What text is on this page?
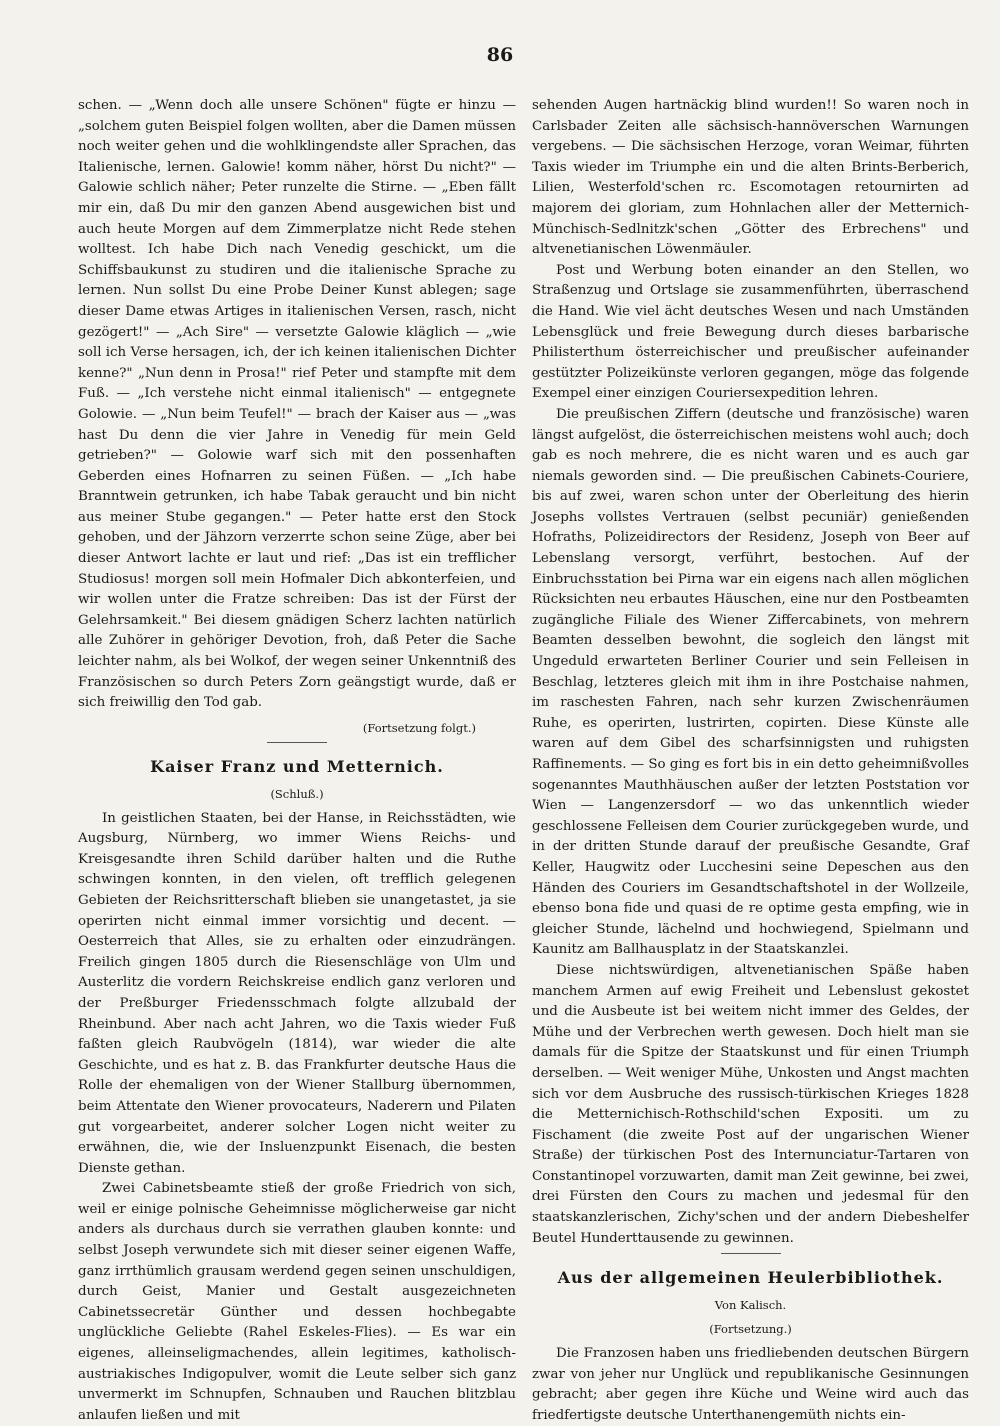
86

schen. — „Wenn doch alle unsere Schönen" fügte er hinzu — „solchem guten Beispiel folgen wollten, aber die Damen müssen noch weiter gehen und die wohlklingendste aller Sprachen, das Italienische, lernen. Galowie! komm näher, hörst Du nicht?" — Galowie schlich näher; Peter runzelte die Stirne. — „Eben fällt mir ein, daß Du mir den ganzen Abend ausgewichen bist und auch heute Morgen auf dem Zimmerplatze nicht Rede stehen wolltest. Ich habe Dich nach Venedig geschickt, um die Schiffsbaukunst zu studiren und die italienische Sprache zu lernen. Nun sollst Du eine Probe Deiner Kunst ablegen; sage dieser Dame etwas Artiges in italienischen Versen, rasch, nicht gezögert!" — „Ach Sire" — versetzte Galowie kläglich — „wie soll ich Verse hersagen, ich, der ich keinen italienischen Dichter kenne?" „Nun denn in Prosa!" rief Peter und stampfte mit dem Fuß. — „Ich verstehe nicht einmal italienisch" — entgegnete Golowie. — „Nun beim Teufel!" — brach der Kaiser aus — „was hast Du denn die vier Jahre in Venedig für mein Geld getrieben?" — Golowie warf sich mit den possenhaften Geberden eines Hofnarren zu seinen Füßen. — „Ich habe Branntwein getrunken, ich habe Tabak geraucht und bin nicht aus meiner Stube gegangen." — Peter hatte erst den Stock gehoben, und der Jähzorn verzerrte schon seine Züge, aber bei dieser Antwort lachte er laut und rief: „Das ist ein trefflicher Studiosus! morgen soll mein Hofmaler Dich abkonterfeien, und wir wollen unter die Fratze schreiben: Das ist der Fürst der Gelehrsamkeit." Bei diesem gnädigen Scherz lachten natürlich alle Zuhörer in gehöriger Devotion, froh, daß Peter die Sache leichter nahm, als bei Wolkof, der wegen seiner Unkenntniß des Französischen so durch Peters Zorn geängstigt wurde, daß er sich freiwillig den Tod gab.

(Fortsetzung folgt.)
Kaiser Franz und Metternich.
(Schluß.)

In geistlichen Staaten, bei der Hanse, in Reichsstädten, wie Augsburg, Nürnberg, wo immer Wiens Reichs- und Kreisgesandte ihren Schild darüber halten und die Ruthe schwingen konnten, in den vielen, oft trefflich gelegenen Gebieten der Reichsritterschaft blieben sie unangetastet, ja sie operirten nicht einmal immer vorsichtig und decent. — Oesterreich that Alles, sie zu erhalten oder einzudrängen. Freilich gingen 1805 durch die Riesenschläge von Ulm und Austerlitz die vordern Reichskreise endlich ganz verloren und der Preßburger Friedensschmach folgte allzubald der Rheinbund. Aber nach acht Jahren, wo die Taxis wieder Fuß faßten gleich Raubvögeln (1814), war wieder die alte Geschichte, und es hat z. B. das Frankfurter deutsche Haus die Rolle der ehemaligen von der Wiener Stallburg übernommen, beim Attentate den Wiener provocateurs, Naderern und Pilaten gut vorgearbeitet, anderer solcher Logen nicht weiter zu erwähnen, die, wie der Insluenzpunkt Eisenach, die besten Dienste gethan.

Zwei Cabinetsbeamte stieß der große Friedrich von sich, weil er einige polnische Geheimnisse möglicherweise gar nicht anders als durchaus durch sie verrathen glauben konnte: und selbst Joseph verwundete sich mit dieser seiner eigenen Waffe, ganz irrthümlich grausam werdend gegen seinen unschuldigen, durch Geist, Manier und Gestalt ausgezeichneten Cabinetssecretär Günther und dessen hochbegabte unglückliche Geliebte (Rahel Eskeles-Flies). — Es war ein eigenes, alleinseligmachendes, allein legitimes, katholisch-austriakisches Indigopulver, womit die Leute selber sich ganz unvermerkt im Schnupfen, Schnauben und Rauchen blitzblau anlaufen ließen und mit

sehenden Augen hartnäckig blind wurden!! So waren noch in Carlsbader Zeiten alle sächsisch-hannöverschen Warnungen vergebens. — Die sächsischen Herzoge, voran Weimar, führten Taxis wieder im Triumphe ein und die alten Brints-Berberich, Lilien, Westerfold'schen rc. Escomotagen retournirten ad majorem dei gloriam, zum Hohnlachen aller der Metternich-Münchisch-Sedlnitzk'schen „Götter des Erbrechens" und altvenetianischen Löwenmäuler.

Post und Werbung boten einander an den Stellen, wo Straßenzug und Ortslage sie zusammenführten, überraschend die Hand. Wie viel ächt deutsches Wesen und nach Umständen Lebensglück und freie Bewegung durch dieses barbarische Philisterthum österreichischer und preußischer aufeinander gestützter Polizeikünste verloren gegangen, möge das folgende Exempel einer einzigen Couriersexpedition lehren.

Die preußischen Ziffern (deutsche und französische) waren längst aufgelöst, die österreichischen meistens wohl auch; doch gab es noch mehrere, die es nicht waren und es auch gar niemals geworden sind. — Die preußischen Cabinets-Couriere, bis auf zwei, waren schon unter der Oberleitung des hierin Josephs vollstes Vertrauen (selbst pecuniär) genießenden Hofraths, Polizeidirectors der Residenz, Joseph von Beer auf Lebenslang versorgt, verführt, bestochen. Auf der Einbruchsstation bei Pirna war ein eigens nach allen möglichen Rücksichten neu erbautes Häuschen, eine nur den Postbeamten zugängliche Filiale des Wiener Ziffercabinets, von mehrern Beamten desselben bewohnt, die sogleich den längst mit Ungeduld erwarteten Berliner Courier und sein Felleisen in Beschlag, letzteres gleich mit ihm in ihre Postchaise nahmen, im raschesten Fahren, nach sehr kurzen Zwischenräumen Ruhe, es operirten, lustrirten, copirten. Diese Künste alle waren auf dem Gibel des scharfsinnigsten und ruhigsten Raffinements. — So ging es fort bis in ein detto geheimnißvolles sogenanntes Mauthhäuschen außer der letzten Poststation vor Wien — Langenzersdorf — wo das unkenntlich wieder geschlossene Felleisen dem Courier zurückgegeben wurde, und in der dritten Stunde darauf der preußische Gesandte, Graf Keller, Haugwitz oder Lucchesini seine Depeschen aus den Händen des Couriers im Gesandtschaftshotel in der Wollzeile, ebenso bona fide und quasi de re optime gesta empfing, wie in gleicher Stunde, lächelnd und hochwiegend, Spielmann und Kaunitz am Ballhausplatz in der Staatskanzlei.

Diese nichtswürdigen, altvenetianischen Späße haben manchem Armen auf ewig Freiheit und Lebenslust gekostet und die Ausbeute ist bei weitem nicht immer des Geldes, der Mühe und der Verbrechen werth gewesen. Doch hielt man sie damals für die Spitze der Staatskunst und für einen Triumph derselben. — Weit weniger Mühe, Unkosten und Angst machten sich vor dem Ausbruche des russisch-türkischen Krieges 1828 die Metternichisch-Rothschild'schen Expositi. um zu Fischament (die zweite Post auf der ungarischen Wiener Straße) der türkischen Post des Internunciatur-Tartaren von Constantinopel vorzuwarten, damit man Zeit gewinne, bei zwei, drei Fürsten den Cours zu machen und jedesmal für den staatskanzlerischen, Zichy'schen und der andern Diebeshelfer Beutel Hunderttausende zu gewinnen.

Aus der allgemeinen Heulerbibliothek.
Von Kalisch.
(Fortsetzung.)

Die Franzosen haben uns friedliebenden deutschen Bürgern zwar von jeher nur Unglück und republikanische Gesinnungen gebracht; aber gegen ihre Küche und Weine wird auch das friedfertigste deutsche Unterthanengemüth nichts ein-
